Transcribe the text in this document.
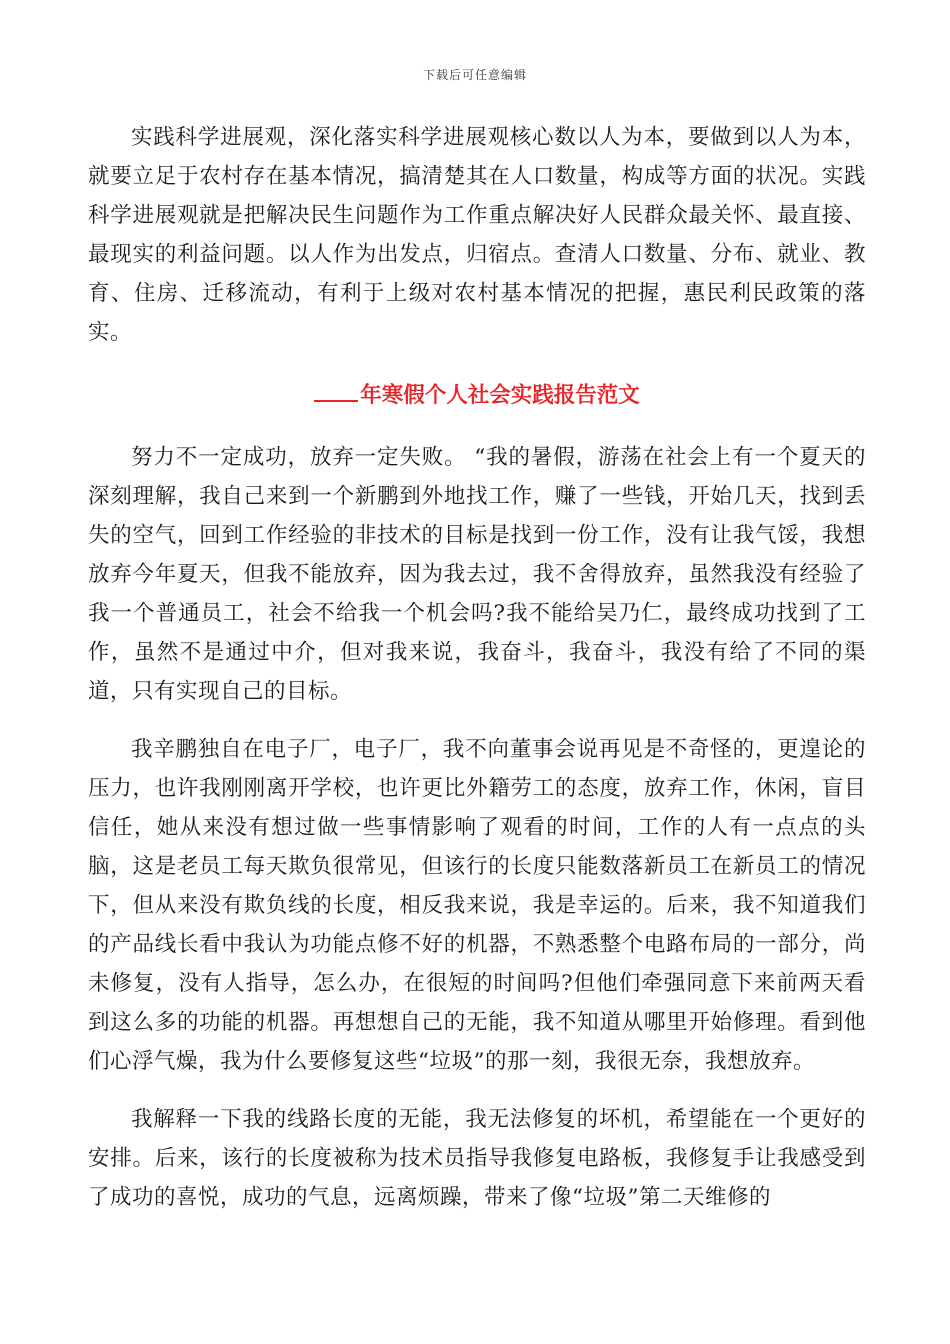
下载后可任意编辑

实践科学进展观，深化落实科学进展观核心数以人为本，要做到以人为本，就要立足于农村存在基本情况，搞清楚其在人口数量，构成等方面的状况。实践科学进展观就是把解决民生问题作为工作重点解决好人民群众最关怀、最直接、最现实的利益问题。以人作为出发点，归宿点。查清人口数量、分布、就业、教育、住房、迁移流动，有利于上级对农村基本情况的把握，惠民利民政策的落实。

年寒假个人社会实践报告范文

努力不一定成功，放弃一定失败。 “我的暑假，游荡在社会上有一个夏天的深刻理解，我自己来到一个新鹏到外地找工作，赚了一些钱，开始几天，找到丢失的空气，回到工作经验的非技术的目标是找到一份工作，没有让我气馁，我想放弃今年夏天，但我不能放弃，因为我去过，我不舍得放弃，虽然我没有经验了我一个普通员工，社会不给我一个机会吗?我不能给吴乃仁，最终成功找到了工作，虽然不是通过中介，但对我来说，我奋斗，我奋斗，我没有给了不同的渠道，只有实现自己的目标。

我辛鹏独自在电子厂，电子厂，我不向董事会说再见是不奇怪的，更遑论的压力，也许我刚刚离开学校，也许更比外籍劳工的态度，放弃工作，休闲，盲目信任，她从来没有想过做一些事情影响了观看的时间，工作的人有一点点的头脑，这是老员工每天欺负很常见，但该行的长度只能数落新员工在新员工的情况下，但从来没有欺负线的长度，相反我来说，我是幸运的。后来，我不知道我们的产品线长看中我认为功能点修不好的机器，不熟悉整个电路布局的一部分，尚未修复，没有人指导，怎么办，在很短的时间吗?但他们牵强同意下来前两天看到这么多的功能的机器。再想想自己的无能，我不知道从哪里开始修理。看到他们心浮气燥，我为什么要修复这些“垃圾”的那一刻，我很无奈，我想放弃。

我解释一下我的线路长度的无能，我无法修复的坏机，希望能在一个更好的安排。后来，该行的长度被称为技术员指导我修复电路板，我修复手让我感受到了成功的喜悦，成功的气息，远离烦躁，带来了像“垃圾”第二天维修的
